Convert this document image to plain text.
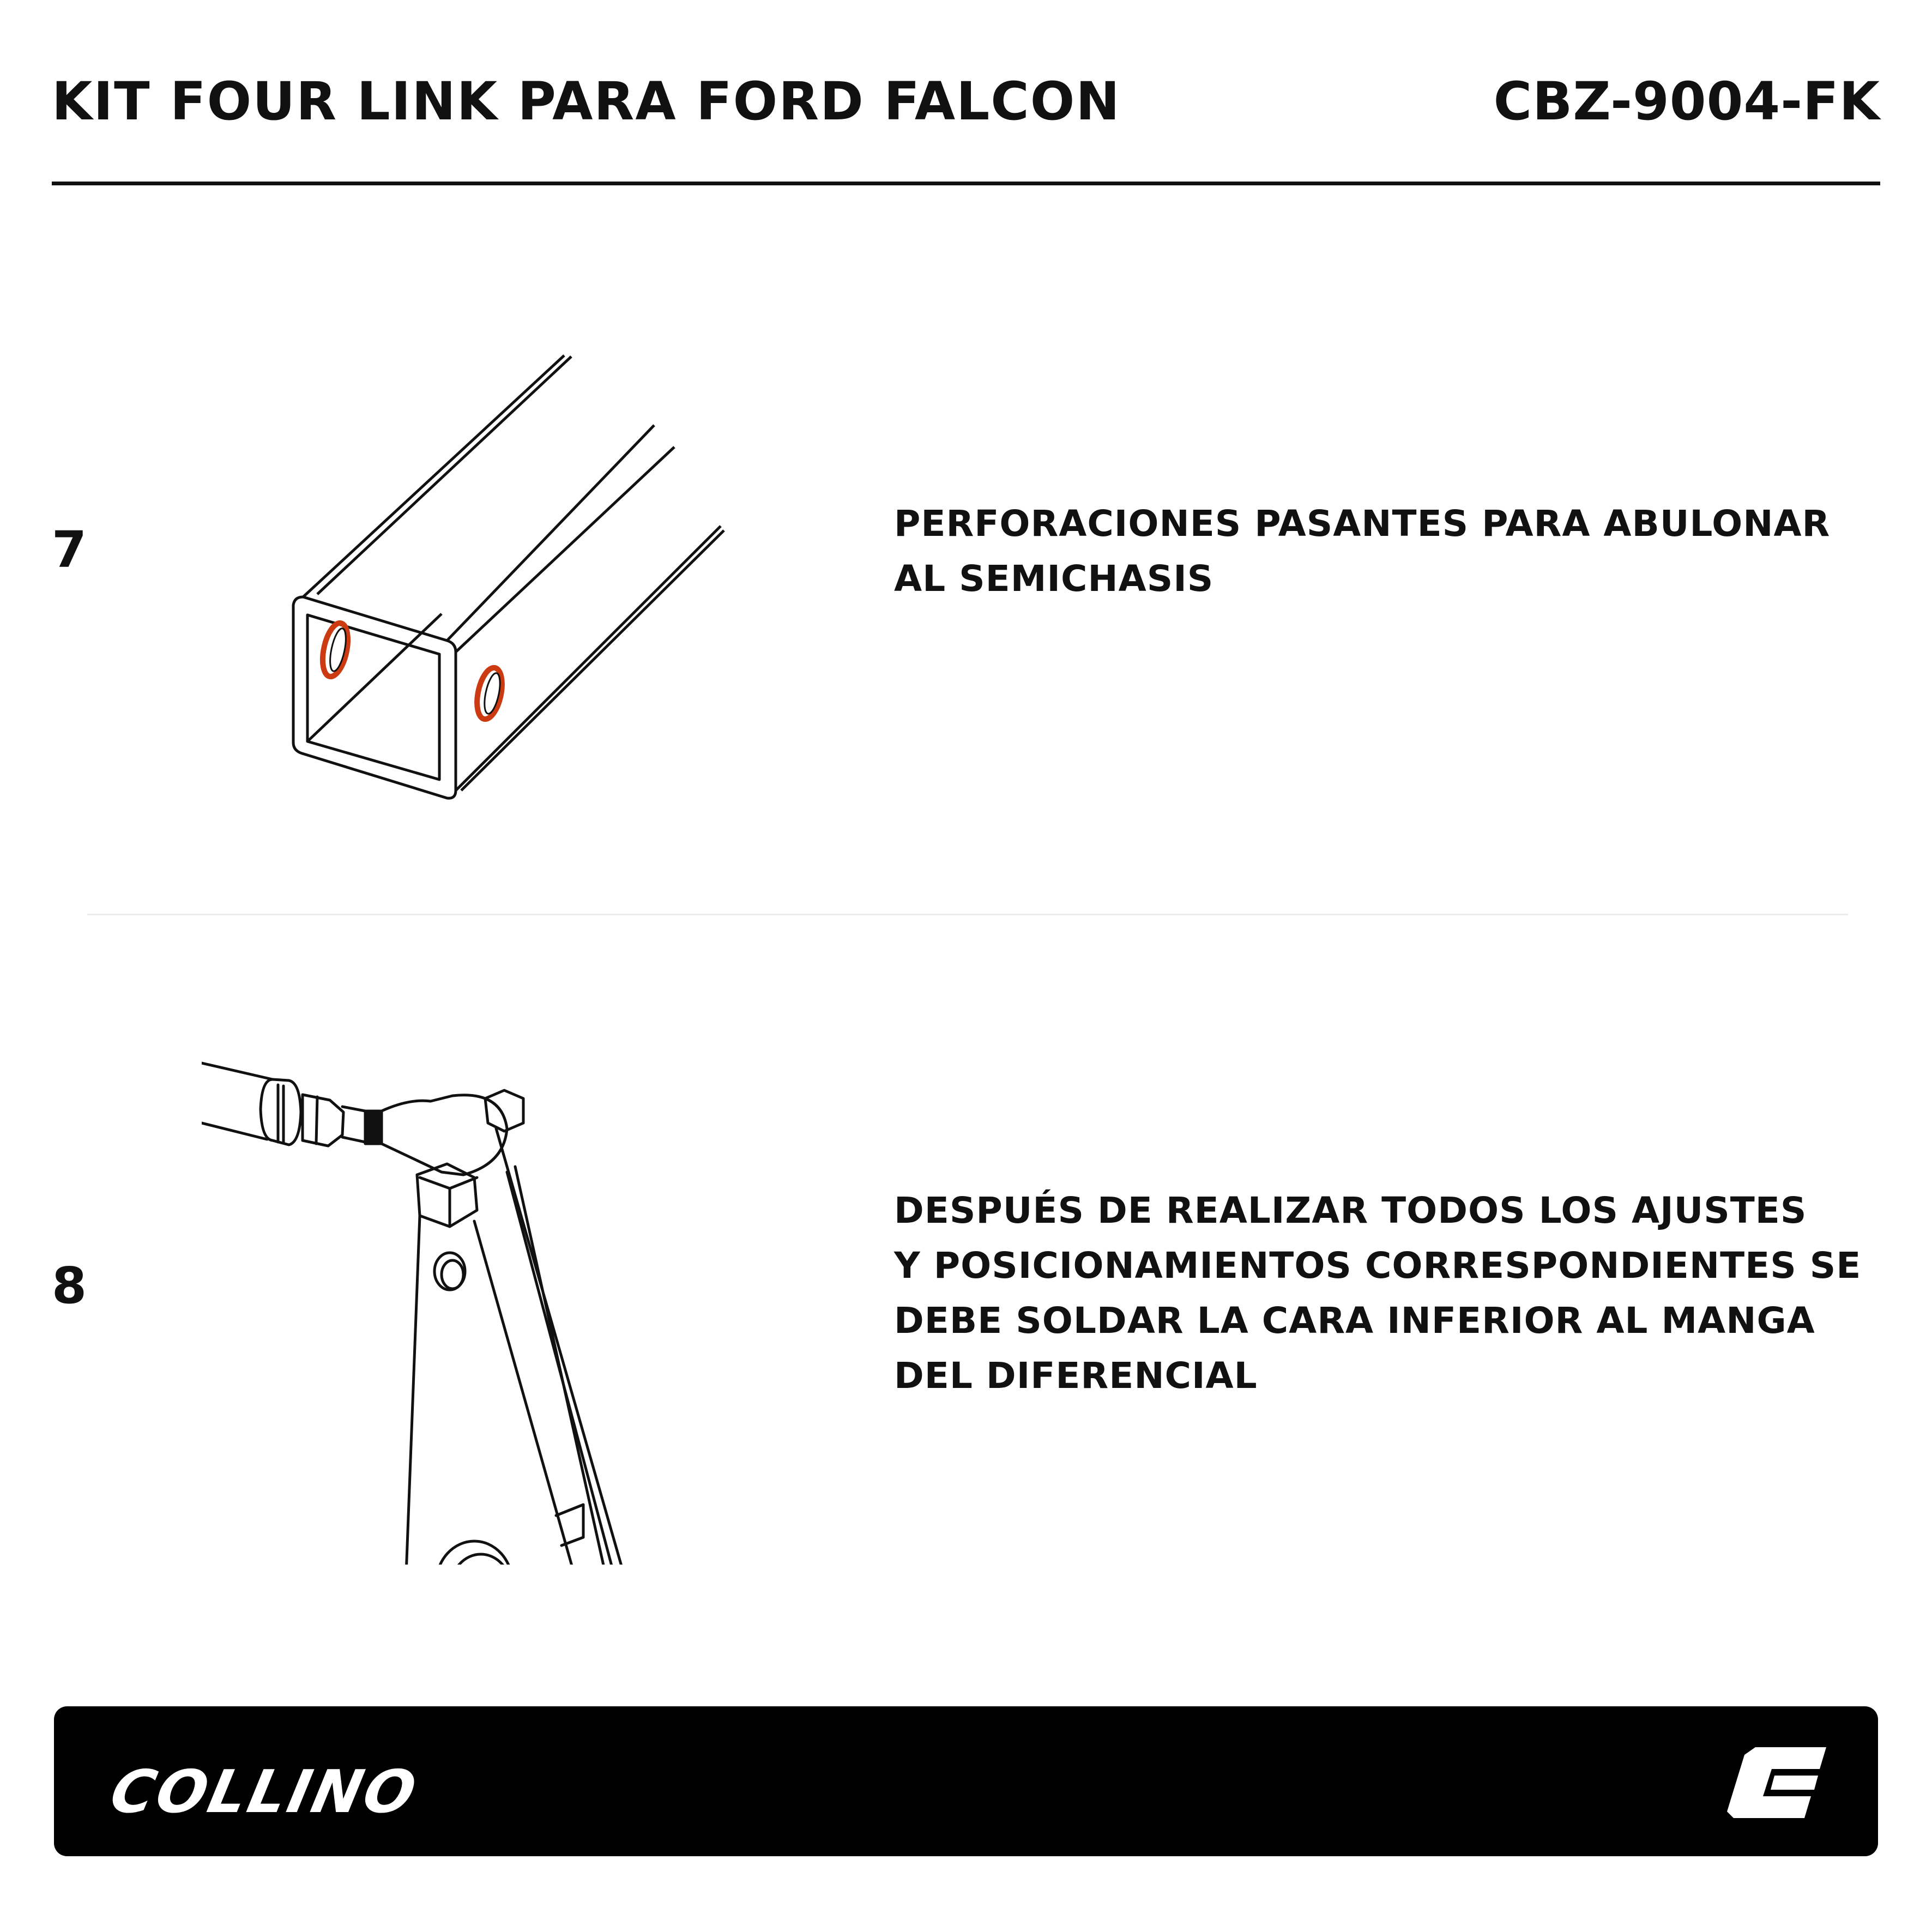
KIT FOUR LINK PARA FORD FALCON	CBZ-9004-FK
7	PERFORACIONES PASANTES PARA ABULONAR
AL SEMICHASIS
8
DESPUÉS DE REALIZAR TODOS LOS AJUSTES
Y POSICIONAMIENTOS CORRESPONDIENTES SE
DEBE SOLDAR LA CARA INFERIOR AL MANGA
DEL DIFERENCIAL
COLLINO
